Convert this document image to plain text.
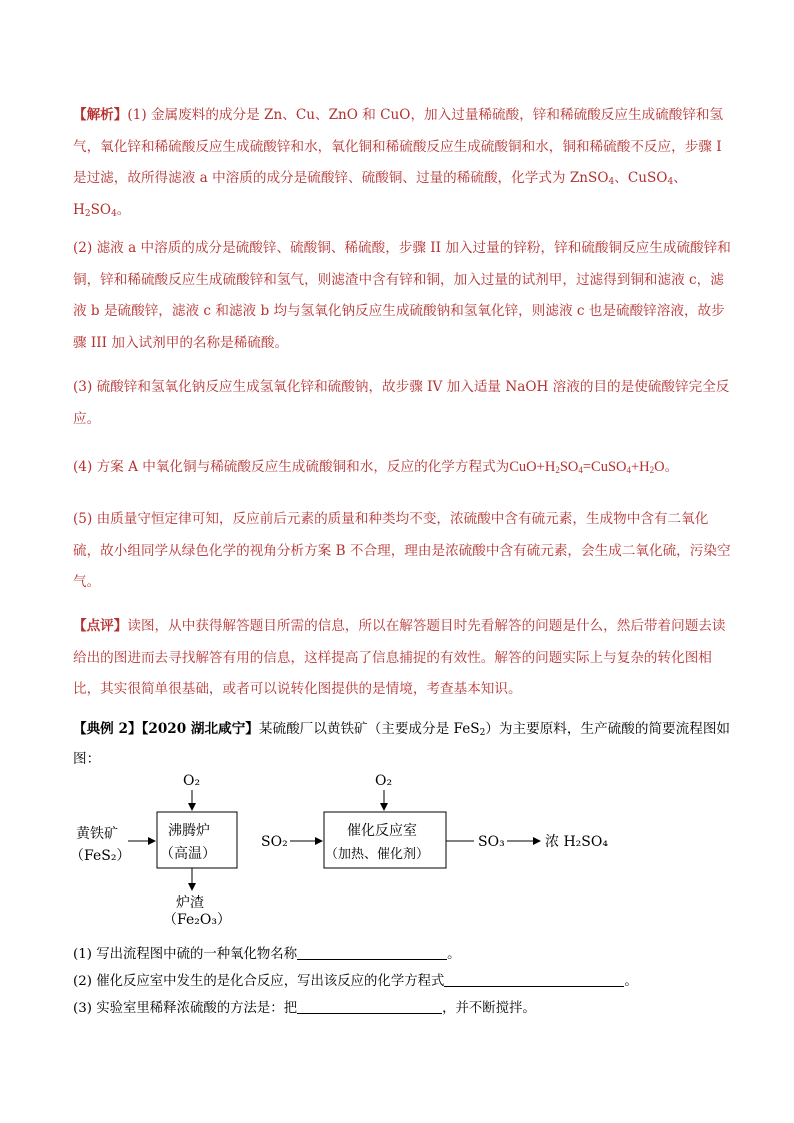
【解析】(1) 金属废料的成分是 Zn、Cu、ZnO 和 CuO，加入过量稀硫酸，锌和稀硫酸反应生成硫酸锌和氢气，氧化锌和稀硫酸反应生成硫酸锌和水，氧化铜和稀硫酸反应生成硫酸铜和水，铜和稀硫酸不反应，步骤 I 是过滤，故所得滤液 a 中溶质的成分是硫酸锌、硫酸铜、过量的稀硫酸，化学式为 ZnSO$_4$、CuSO$_4$、$H_2SO_4$。

(2) 滤液 a 中溶质的成分是硫酸锌、硫酸铜、稀硫酸，步骤 II 加入过量的锌粉，锌和硫酸铜反应生成硫酸锌和铜，锌和稀硫酸反应生成硫酸锌和氢气，则滤渣中含有锌和铜，加入过量的试剂甲，过滤得到铜和滤液 c，滤液 b 是硫酸锌，滤液 c 和滤液 b 均与氢氧化钠反应生成硫酸钠和氢氧化锌，则滤液 c 也是硫酸锌溶液，故步骤 III 加入试剂甲的名称是稀硫酸。

(3) 硫酸锌和氢氧化钠反应生成氢氧化锌和硫酸钠，故步骤 IV 加入适量 NaOH 溶液的目的是使硫酸锌完全反应。

(4) 方案 A 中氧化铜与稀硫酸反应生成硫酸铜和水，反应的化学方程式为$CuO+H_2SO_4=CuSO_4+H_2O$。

(5) 由质量守恒定律可知，反应前后元素的质量和种类均不变，浓硫酸中含有硫元素，生成物中含有二氧化硫，故小组同学从绿色化学的视角分析方案 B 不合理，理由是浓硫酸中含有硫元素，会生成二氧化硫，污染空气。

【点评】读图，从中获得解答题目所需的信息，所以在解答题目时先看解答的问题是什么，然后带着问题去读给出的图进而去寻找解答有用的信息，这样提高了信息捕捉的有效性。解答的问题实际上与复杂的转化图相比，其实很简单很基础，或者可以说转化图提供的是情境，考查基本知识。

【典例 2】【2020 湖北咸宁】某硫酸厂以黄铁矿（主要成分是 FeS$_2$）为主要原料，生产硫酸的简要流程图如图：

黄铁矿
（FeS₂）
O₂
沸腾炉
（高温）
炉渣
（Fe₂O₃）
SO₂
O₂
催化反应室
（加热、催化剂）
SO₃	浓 H₂SO₄
(1) 写出流程图中硫的一种氧化物名称	。
(2) 催化反应室中发生的是化合反应，写出该反应的化学方程式	。
(3) 实验室里稀释浓硫酸的方法是：把	，并不断搅拌。
